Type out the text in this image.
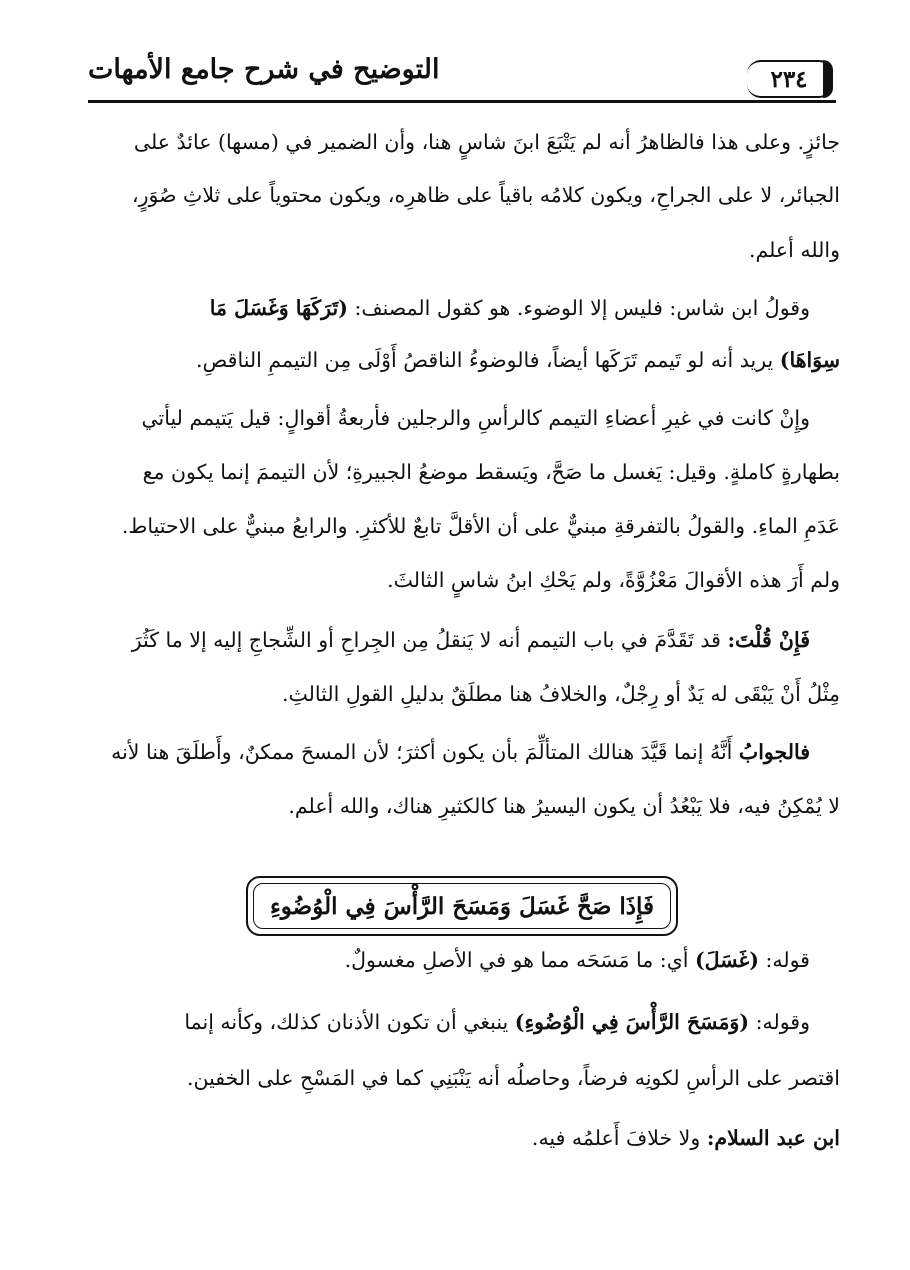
٢٣٤
التوضيح في شرح جامع الأمهات
جائزٍ. وعلى هذا فالظاهرُ أنه لم يَتْبَعَ ابنَ شاسٍ هنا، وأن الضمير في (مسها) عائدٌ على
الجبائر، لا على الجراحِ، ويكون كلامُه باقياً على ظاهرِه، ويكون محتوياً على ثلاثِ صُوَرٍ،
والله أعلم.
وقولُ ابن شاس: فليس إلا الوضوء. هو كقول المصنف: (تَرَكَهَا وَغَسَلَ مَا
سِوَاهَا) يريد أنه لو تَيمم تَرَكَها أيضاً، فالوضوءُ الناقصُ أَوْلَى مِن التيممِ الناقصِ.
وإِنْ كانت في غيرِ أعضاءِ التيمم كالرأسِ والرجلين فأربعةُ أقوالٍ: قيل يَتيمم ليأتي
بطهارةٍ كاملةٍ. وقيل: يَغسل ما صَحَّ، ويَسقط موضعُ الجبيرةِ؛ لأن التيممَ إنما يكون مع
عَدَمِ الماءِ. والقولُ بالتفرقةِ مبنيٌّ على أن الأقلَّ تابعٌ للأكثرِ. والرابعُ مبنيٌّ على الاحتياط.
ولم أَرَ هذه الأقوالَ مَعْزُوَّةً، ولم يَحْكِ ابنُ شاسٍ الثالثَ.
فَإِنْ قُلْتَ: قد تَقَدَّمَ في باب التيمم أنه لا يَنقلُ مِن الجِراحِ أو الشِّجاجِ إليه إلا ما كَثُرَ
مِثْلُ أَنْ يَبْقَى له يَدٌ أو رِجْلٌ، والخلافُ هنا مطلَقٌ بدليلِ القولِ الثالثِ.
فالجوابُ أَنَّهُ إنما قَيَّدَ هنالك المتألِّمَ بأن يكون أكثرَ؛ لأن المسحَ ممكنٌ، وأَطلَقَ هنا لأنه
لا يُمْكِنُ فيه، فلا يَبْعُدُ أن يكون اليسيرُ هنا كالكثيرِ هناك، والله أعلم.
فَإِذَا صَحَّ غَسَلَ وَمَسَحَ الرَّأْسَ فِي الْوُضُوءِ
قوله: (غَسَلَ) أي: ما مَسَحَه مما هو في الأصلِ مغسولٌ.
وقوله: (وَمَسَحَ الرَّأْسَ فِي الْوُضُوءِ) ينبغي أن تكون الأذنان كذلك، وكأنه إنما
اقتصر على الرأسِ لكونِه فرضاً، وحاصلُه أنه يَنْبَنِي كما في المَسْحِ على الخفين.
ابن عبد السلام: ولا خلافَ أَعلمُه فيه.
